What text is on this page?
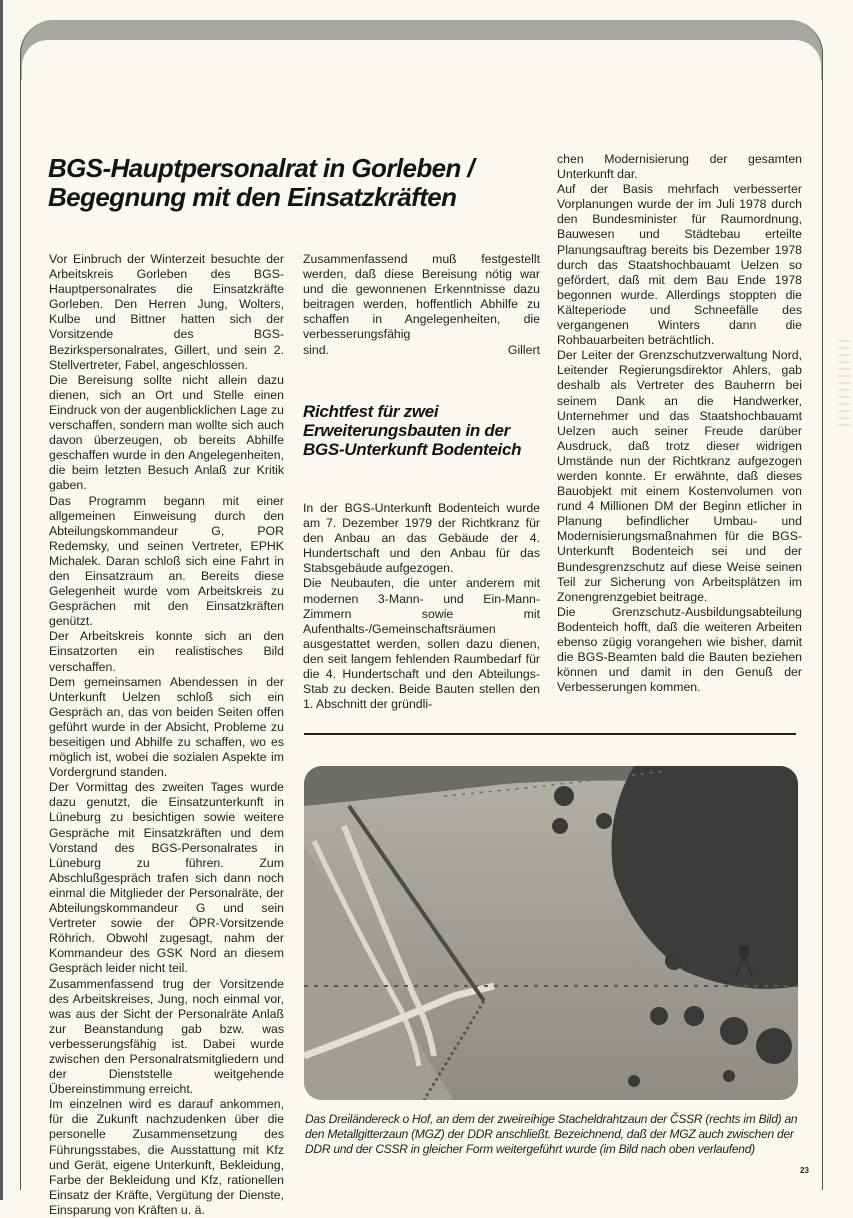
BGS-Hauptpersonalrat in Gorleben /
Begegnung mit den Einsatzkräften

Vor Einbruch der Winterzeit besuchte der Arbeitskreis Gorleben des BGS-Hauptpersonalrates die Einsatzkräfte Gorleben. Den Herren Jung, Wolters, Kulbe und Bittner hatten sich der Vorsitzende des BGS-Bezirkspersonalrates, Gillert, und sein 2. Stellvertreter, Fabel, angeschlossen.

Die Bereisung sollte nicht allein dazu dienen, sich an Ort und Stelle einen Eindruck von der augenblicklichen Lage zu verschaffen, sondern man wollte sich auch davon überzeugen, ob bereits Abhilfe geschaffen wurde in den Angelegenheiten, die beim letzten Besuch Anlaß zur Kritik gaben.

Das Programm begann mit einer allgemeinen Einweisung durch den Abteilungskommandeur G, POR Redemsky, und seinen Vertreter, EPHK Michalek. Daran schloß sich eine Fahrt in den Einsatzraum an. Bereits diese Gelegenheit wurde vom Arbeitskreis zu Gesprächen mit den Einsatzkräften genützt.

Der Arbeitskreis konnte sich an den Einsatzorten ein realistisches Bild verschaffen.

Dem gemeinsamen Abendessen in der Unterkunft Uelzen schloß sich ein Gespräch an, das von beiden Seiten offen geführt wurde in der Absicht, Probleme zu beseitigen und Abhilfe zu schaffen, wo es möglich ist, wobei die sozialen Aspekte im Vordergrund standen.

Der Vormittag des zweiten Tages wurde dazu genutzt, die Einsatzunterkunft in Lüneburg zu besichtigen sowie weitere Gespräche mit Einsatzkräften und dem Vorstand des BGS-Personalrates in Lüneburg zu führen. Zum Abschlußgespräch trafen sich dann noch einmal die Mitglieder der Personalräte, der Abteilungskommandeur G und sein Vertreter sowie der ÖPR-Vorsitzende Röhrich. Obwohl zugesagt, nahm der Kommandeur des GSK Nord an diesem Gespräch leider nicht teil.

Zusammenfassend trug der Vorsitzende des Arbeitskreises, Jung, noch einmal vor, was aus der Sicht der Personalräte Anlaß zur Beanstandung gab bzw. was verbesserungsfähig ist. Dabei wurde zwischen den Personalratsmitgliedern und der Dienststelle weitgehende Übereinstimmung erreicht.

Im einzelnen wird es darauf ankommen, für die Zukunft nachzudenken über die personelle Zusammensetzung des Führungsstabes, die Ausstattung mit Kfz und Gerät, eigene Unterkunft, Bekleidung, Farbe der Bekleidung und Kfz, rationellen Einsatz der Kräfte, Vergütung der Dienste, Einsparung von Kräften u. ä.

Zusammenfassend muß festgestellt werden, daß diese Bereisung nötig war und die gewonnenen Erkenntnisse dazu beitragen werden, hoffentlich Abhilfe zu schaffen in Angelegenheiten, die verbesserungsfähig

sind.	Gillert

Richtfest für zwei Erweiterungsbauten in der BGS-Unterkunft Bodenteich

In der BGS-Unterkunft Bodenteich wurde am 7. Dezember 1979 der Richtkranz für den Anbau an das Gebäude der 4. Hundertschaft und den Anbau für das Stabsgebäude aufgezogen.

Die Neubauten, die unter anderem mit modernen 3-Mann- und Ein-Mann-Zimmern sowie mit Aufenthalts-/Gemeinschaftsräumen ausgestattet werden, sollen dazu dienen, den seit langem fehlenden Raumbedarf für die 4. Hundertschaft und den Abteilungs-Stab zu decken. Beide Bauten stellen den 1. Abschnitt der gründli-

chen Modernisierung der gesamten Unterkunft dar.

Auf der Basis mehrfach verbesserter Vorplanungen wurde der im Juli 1978 durch den Bundesminister für Raumordnung, Bauwesen und Städtebau erteilte Planungsauftrag bereits bis Dezember 1978 durch das Staatshochbauamt Uelzen so gefördert, daß mit dem Bau Ende 1978 begonnen wurde. Allerdings stoppten die Kälteperiode und Schneefälle des vergangenen Winters dann die Rohbauarbeiten beträchtlich.

Der Leiter der Grenzschutzverwaltung Nord, Leitender Regierungsdirektor Ahlers, gab deshalb als Vertreter des Bauherrn bei seinem Dank an die Handwerker, Unternehmer und das Staatshochbauamt Uelzen auch seiner Freude darüber Ausdruck, daß trotz dieser widrigen Umstände nun der Richtkranz aufgezogen werden konnte. Er erwähnte, daß dieses Bauobjekt mit einem Kostenvolumen von rund 4 Millionen DM der Beginn etlicher in Planung befindlicher Umbau- und Modernisierungsmaßnahmen für die BGS-Unterkunft Bodenteich sei und der Bundesgrenzschutz auf diese Weise seinen Teil zur Sicherung von Arbeitsplätzen im Zonengrenzgebiet beitrage.

Die Grenzschutz-Ausbildungsabteilung Bodenteich hofft, daß die weiteren Arbeiten ebenso zügig vorangehen wie bisher, damit die BGS-Beamten bald die Bauten beziehen können und damit in den Genuß der Verbesserungen kommen.

Das Dreiländereck o Hof, an dem der zweireihige Stacheldrahtzaun der ČSSR (rechts im Bild) an den Metallgitterzaun (MGZ) der DDR anschließt. Bezeichnend, daß der MGZ auch zwischen der DDR und der CSSR in gleicher Form weitergeführt wurde (im Bild nach oben verlaufend)

23
